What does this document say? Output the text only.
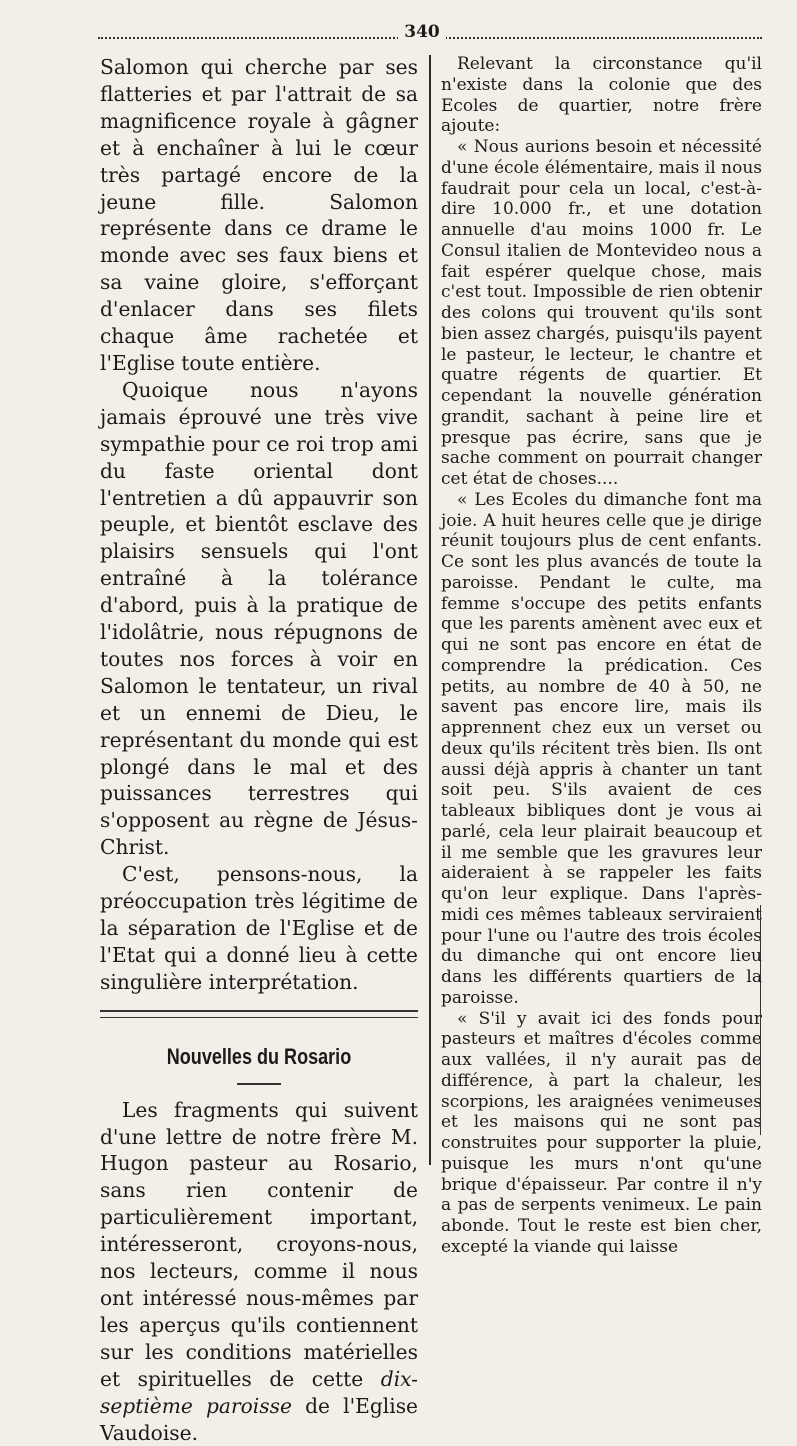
340

Salomon qui cherche par ses flatteries et par l'attrait de sa magnificence royale à gâgner et à enchaîner à lui le cœur très partagé encore de la jeune fille. Salomon représente dans ce drame le monde avec ses faux biens et sa vaine gloire, s'efforçant d'enlacer dans ses filets chaque âme rachetée et l'Eglise toute entière.

Quoique nous n'ayons jamais éprouvé une très vive sympathie pour ce roi trop ami du faste oriental dont l'entretien a dû appauvrir son peuple, et bientôt esclave des plaisirs sensuels qui l'ont entraîné à la tolérance d'abord, puis à la pratique de l'idolâtrie, nous répugnons de toutes nos forces à voir en Salomon le tentateur, un rival et un ennemi de Dieu, le représentant du monde qui est plongé dans le mal et des puissances terrestres qui s'opposent au règne de Jésus-Christ.

C'est, pensons-nous, la préoccupation très légitime de la séparation de l'Eglise et de l'Etat qui a donné lieu à cette singulière interprétation.

Nouvelles du Rosario

Les fragments qui suivent d'une lettre de notre frère M. Hugon pasteur au Rosario, sans rien contenir de particulièrement important, intéresseront, croyons-nous, nos lecteurs, comme il nous ont intéressé nous-mêmes par les aperçus qu'ils contiennent sur les conditions matérielles et spirituelles de cette dix-septième paroisse de l'Eglise Vaudoise.

Relevant la circonstance qu'il n'existe dans la colonie que des Ecoles de quartier, notre frère ajoute:

« Nous aurions besoin et nécessité d'une école élémentaire, mais il nous faudrait pour cela un local, c'est-à-dire 10.000 fr., et une dotation annuelle d'au moins 1000 fr. Le Consul italien de Montevideo nous a fait espérer quelque chose, mais c'est tout. Impossible de rien obtenir des colons qui trouvent qu'ils sont bien assez chargés, puisqu'ils payent le pasteur, le lecteur, le chantre et quatre régents de quartier. Et cependant la nouvelle génération grandit, sachant à peine lire et presque pas écrire, sans que je sache comment on pourrait changer cet état de choses....

« Les Ecoles du dimanche font ma joie. A huit heures celle que je dirige réunit toujours plus de cent enfants. Ce sont les plus avancés de toute la paroisse. Pendant le culte, ma femme s'occupe des petits enfants que les parents amènent avec eux et qui ne sont pas encore en état de comprendre la prédication. Ces petits, au nombre de 40 à 50, ne savent pas encore lire, mais ils apprennent chez eux un verset ou deux qu'ils récitent très bien. Ils ont aussi déjà appris à chanter un tant soit peu. S'ils avaient de ces tableaux bibliques dont je vous ai parlé, cela leur plairait beaucoup et il me semble que les gravures leur aideraient à se rappeler les faits qu'on leur explique. Dans l'après-midi ces mêmes tableaux serviraient pour l'une ou l'autre des trois écoles du dimanche qui ont encore lieu dans les différents quartiers de la paroisse.

« S'il y avait ici des fonds pour pasteurs et maîtres d'écoles comme aux vallées, il n'y aurait pas de différence, à part la chaleur, les scorpions, les araignées venimeuses et les maisons qui ne sont pas construites pour supporter la pluie, puisque les murs n'ont qu'une brique d'épaisseur. Par contre il n'y a pas de serpents venimeux. Le pain abonde. Tout le reste est bien cher, excepté la viande qui laisse
